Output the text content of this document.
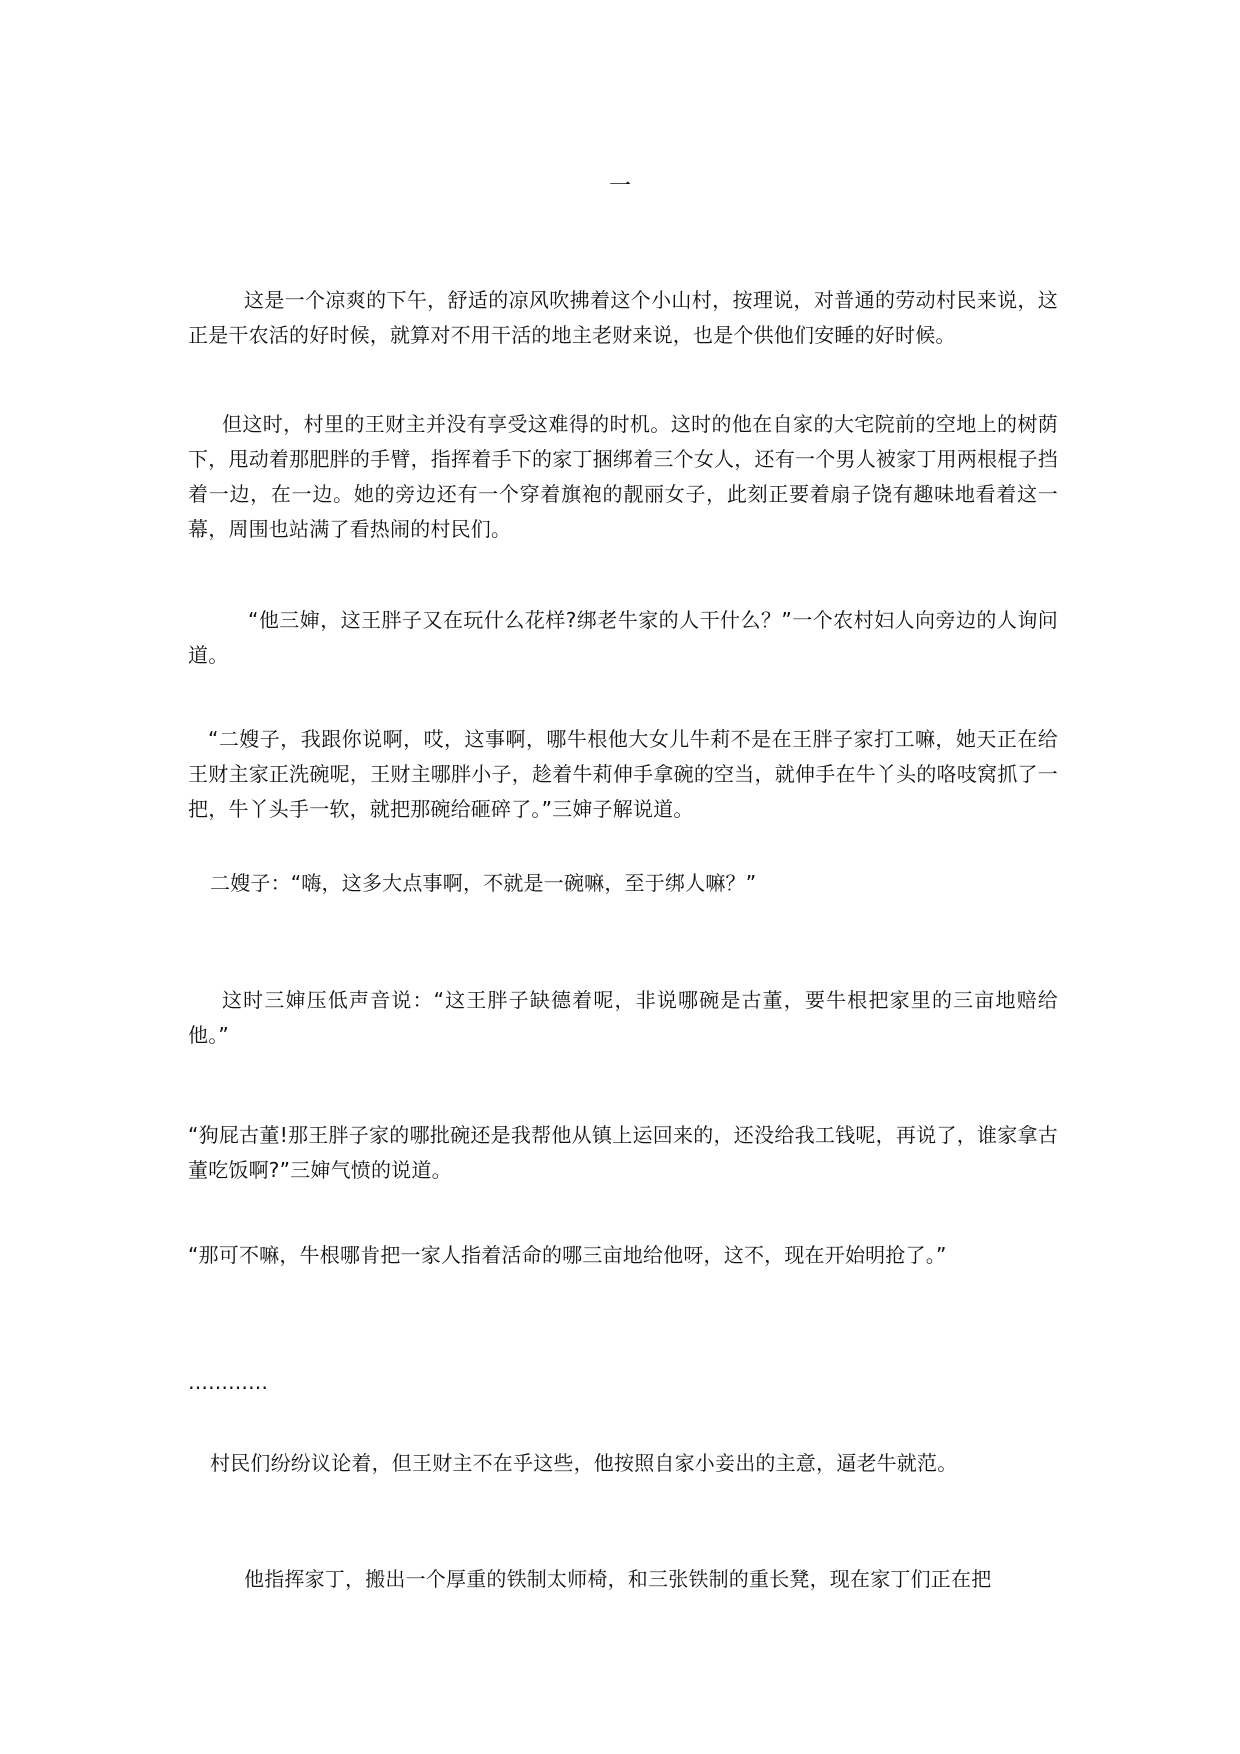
一

这是一个凉爽的下午，舒适的凉风吹拂着这个小山村，按理说，对普通的劳动村民来说，这正是干农活的好时候，就算对不用干活的地主老财来说，也是个供他们安睡的好时候。

但这时，村里的王财主并没有享受这难得的时机。这时的他在自家的大宅院前的空地上的树荫下，甩动着那肥胖的手臂，指挥着手下的家丁捆绑着三个女人，还有一个男人被家丁用两根棍子挡着一边，在一边。她的旁边还有一个穿着旗袍的靓丽女子，此刻正要着扇子饶有趣味地看着这一幕，周围也站满了看热闹的村民们。

“他三婶，这王胖子又在玩什么花样?绑老牛家的人干什么？”一个农村妇人向旁边的人询问道。

“二嫂子，我跟你说啊，哎，这事啊，哪牛根他大女儿牛莉不是在王胖子家打工嘛，她天正在给王财主家正洗碗呢，王财主哪胖小子，趁着牛莉伸手拿碗的空当，就伸手在牛丫头的咯吱窝抓了一把，牛丫头手一软，就把那碗给砸碎了。”三婶子解说道。

二嫂子：“嗨，这多大点事啊，不就是一碗嘛，至于绑人嘛？”

这时三婶压低声音说：“这王胖子缺德着呢，非说哪碗是古董，要牛根把家里的三亩地赔给他。”

“狗屁古董!那王胖子家的哪批碗还是我帮他从镇上运回来的，还没给我工钱呢，再说了，谁家拿古董吃饭啊?”三婶气愤的说道。

“那可不嘛，牛根哪肯把一家人指着活命的哪三亩地给他呀，这不，现在开始明抢了。”

…………

村民们纷纷议论着，但王财主不在乎这些，他按照自家小妾出的主意，逼老牛就范。

他指挥家丁，搬出一个厚重的铁制太师椅，和三张铁制的重长凳，现在家丁们正在把
